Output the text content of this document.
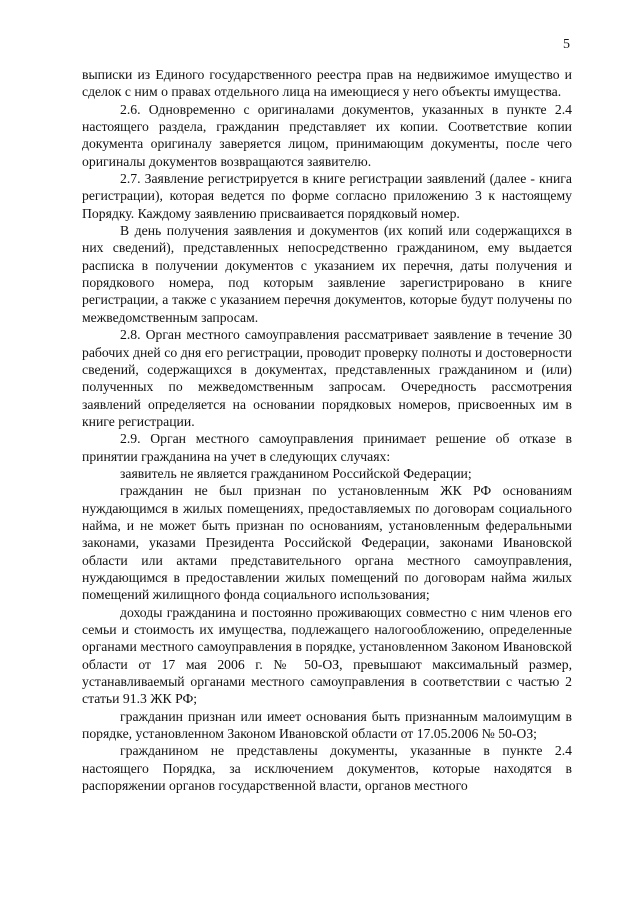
5

выписки из Единого государственного реестра прав на недвижимое имущество и сделок с ним о правах отдельного лица на имеющиеся у него объекты имущества.

2.6. Одновременно с оригиналами документов, указанных в пункте 2.4 настоящего раздела, гражданин представляет их копии. Соответствие копии документа оригиналу заверяется лицом, принимающим документы, после чего оригиналы документов возвращаются заявителю.

2.7. Заявление регистрируется в книге регистрации заявлений (далее - книга регистрации), которая ведется по форме согласно приложению 3 к настоящему Порядку. Каждому заявлению присваивается порядковый номер.

В день получения заявления и документов (их копий или содержащихся в них сведений), представленных непосредственно гражданином, ему выдается расписка в получении документов с указанием их перечня, даты получения и порядкового номера, под которым заявление зарегистрировано в книге регистрации, а также с указанием перечня документов, которые будут получены по межведомственным запросам.

2.8. Орган местного самоуправления рассматривает заявление в течение 30 рабочих дней со дня его регистрации, проводит проверку полноты и достоверности сведений, содержащихся в документах, представленных гражданином и (или) полученных по межведомственным запросам. Очередность рассмотрения заявлений определяется на основании порядковых номеров, присвоенных им в книге регистрации.

2.9. Орган местного самоуправления принимает решение об отказе в принятии гражданина на учет в следующих случаях:

заявитель не является гражданином Российской Федерации;

гражданин не был признан по установленным ЖК РФ основаниям нуждающимся в жилых помещениях, предоставляемых по договорам социального найма, и не может быть признан по основаниям, установленным федеральными законами, указами Президента Российской Федерации, законами Ивановской области или актами представительного органа местного самоуправления, нуждающимся в предоставлении жилых помещений по договорам найма жилых помещений жилищного фонда социального использования;

доходы гражданина и постоянно проживающих совместно с ним членов его семьи и стоимость их имущества, подлежащего налогообложению, определенные органами местного самоуправления в порядке, установленном Законом Ивановской области от 17 мая 2006 г. № 50-ОЗ, превышают максимальный размер, устанавливаемый органами местного самоуправления в соответствии с частью 2 статьи 91.3 ЖК РФ;

гражданин признан или имеет основания быть признанным малоимущим в порядке, установленном Законом Ивановской области от 17.05.2006 № 50-ОЗ;

гражданином не представлены документы, указанные в пункте 2.4 настоящего Порядка, за исключением документов, которые находятся в распоряжении органов государственной власти, органов местного
